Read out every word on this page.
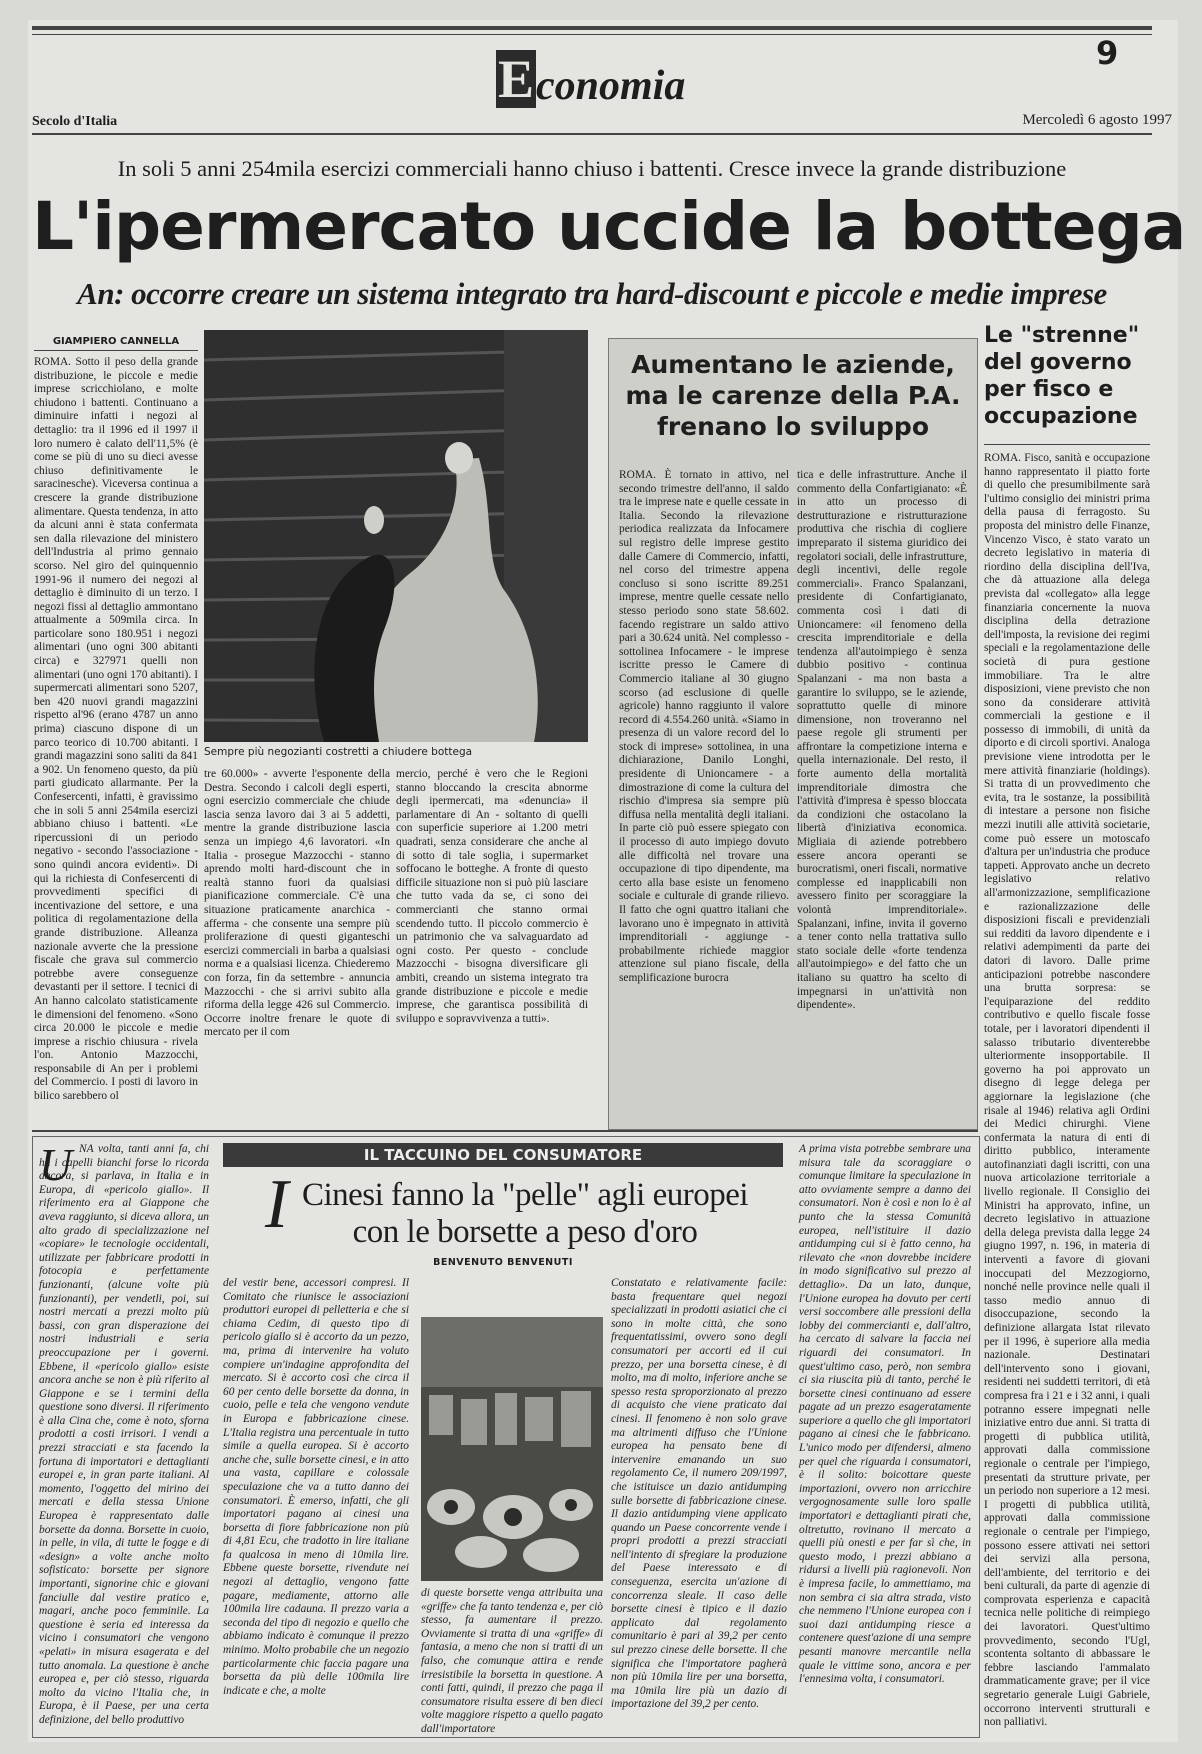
9
E conomia
Secolo d'Italia	Mercoledì 6 agosto 1997
In soli 5 anni 254mila esercizi commerciali hanno chiuso i battenti. Cresce invece la grande distribuzione
L'ipermercato uccide la bottega
An: occorre creare un sistema integrato tra hard-discount e piccole e medie imprese
GIAMPIERO CANNELLA
Sempre più negozianti costretti a chiudere bottega
ROMA. Sotto il peso della grande distribuzione, le piccole e medie imprese scricchiolano, e molte chiudono i battenti. Continuano a diminuire infatti i negozi al dettaglio: tra il 1996 ed il 1997 il loro numero è calato dell'11,5% (è come se più di uno su dieci avesse chiuso definitivamente le saracinesche). Viceversa continua a crescere la grande distribuzione alimentare. Questa tendenza, in atto da alcuni anni è stata confermata sen dalla rilevazione del ministero dell'Industria al primo gennaio scorso. Nel giro del quinquennio 1991-96 il numero dei negozi al dettaglio è diminuito di un terzo. I negozi fissi al dettaglio ammontano attualmente a 509mila circa. In particolare sono 180.951 i negozi alimentari (uno ogni 300 abitanti circa) e 327971 quelli non alimentari (uno ogni 170 abitanti). I supermercati alimentari sono 5207, ben 420 nuovi grandi magazzini rispetto al'96 (erano 4787 un anno prima) ciascuno dispone di un parco teorico di 10.700 abitanti. I grandi magazzini sono saliti da 841 a 902. Un fenomeno questo, da più parti giudicato allarmante. Per la Confesercenti, infatti, è gravissimo che in soli 5 anni 254mila esercizi abbiano chiuso i battenti. «Le ripercussioni di un periodo negativo - secondo l'associazione - sono quindi ancora evidenti». Di qui la richiesta di Confesercenti di provvedimenti specifici di incentivazione del settore, e una politica di regolamentazione della grande distribuzione. Alleanza nazionale avverte che la pressione fiscale che grava sul commercio potrebbe avere conseguenze devastanti per il settore. I tecnici di An hanno calcolato statisticamente le dimensioni del fenomeno. «Sono circa 20.000 le piccole e medie imprese a rischio chiusura - rivela l'on. Antonio Mazzocchi, responsabile di An per i problemi del Commercio. I posti di lavoro in bilico sarebbero ol
tre 60.000» - avverte l'esponente della Destra. Secondo i calcoli degli esperti, ogni esercizio commerciale che chiude lascia senza lavoro dai 3 ai 5 addetti, mentre la grande distribuzione lascia senza un impiego 4,6 lavoratori. «In Italia - prosegue Mazzocchi - stanno aprendo molti hard-discount che in realtà stanno fuori da qualsiasi pianificazione commerciale. C'è una situazione praticamente anarchica - afferma - che consente una sempre più proliferazione di questi giganteschi esercizi commerciali in barba a qualsiasi norma e a qualsiasi licenza. Chiederemo con forza, fin da settembre - annuncia Mazzocchi - che si arrivi subito alla riforma della legge 426 sul Commercio. Occorre inoltre frenare le quote di mercato per il com
mercio, perché è vero che le Regioni stanno bloccando la crescita abnorme degli ipermercati, ma «denuncia» il parlamentare di An - soltanto di quelli con superficie superiore ai 1.200 metri quadrati, senza considerare che anche al di sotto di tale soglia, i supermarket soffocano le botteghe. A fronte di questo difficile situazione non si può più lasciare che tutto vada da se, ci sono dei commercianti che stanno ormai scendendo tutto. Il piccolo commercio è un patrimonio che va salvaguardato ad ogni costo. Per questo - conclude Mazzocchi - bisogna diversificare gli ambiti, creando un sistema integrato tra grande distribuzione e piccole e medie imprese, che garantisca possibilità di sviluppo e sopravvivenza a tutti».
Aumentano le aziende, ma le carenze della P.A. frenano lo sviluppo
ROMA. È tornato in attivo, nel secondo trimestre dell'anno, il saldo tra le imprese nate e quelle cessate in Italia. Secondo la rilevazione periodica realizzata da Infocamere sul registro delle imprese gestito dalle Camere di Commercio, infatti, nel corso del trimestre appena concluso si sono iscritte 89.251 imprese, mentre quelle cessate nello stesso periodo sono state 58.602. facendo registrare un saldo attivo pari a 30.624 unità. Nel complesso - sottolinea Infocamere - le imprese iscritte presso le Camere di Commercio italiane al 30 giugno scorso (ad esclusione di quelle agricole) hanno raggiunto il valore record di 4.554.260 unità. «Siamo in presenza di un valore record del lo stock di imprese» sottolinea, in una dichiarazione, Danilo Longhi, presidente di Unioncamere - a dimostrazione di come la cultura del rischio d'impresa sia sempre più diffusa nella mentalità degli italiani. In parte ciò può essere spiegato con il processo di auto impiego dovuto alle difficoltà nel trovare una occupazione di tipo dipendente, ma certo alla base esiste un fenomeno sociale e culturale di grande rilievo. Il fatto che ogni quattro italiani che lavorano uno è impegnato in attività imprenditoriali - aggiunge - probabilmente richiede maggior attenzione sul piano fiscale, della semplificazione burocra
tica e delle infrastrutture. Anche il commento della Confartigianato: «È in atto un processo di destrutturazione e ristrutturazione produttiva che rischia di cogliere impreparato il sistema giuridico dei regolatori sociali, delle infrastrutture, degli incentivi, delle regole commerciali». Franco Spalanzani, presidente di Confartigianato, commenta così i dati di Unioncamere: «il fenomeno della crescita imprenditoriale e della tendenza all'autoimpiego è senza dubbio positivo - continua Spalanzani - ma non basta a garantire lo sviluppo, se le aziende, soprattutto quelle di minore dimensione, non troveranno nel paese regole gli strumenti per affrontare la competizione interna e quella internazionale. Del resto, il forte aumento della mortalità imprenditoriale dimostra che l'attività d'impresa è spesso bloccata da condizioni che ostacolano la libertà d'iniziativa economica. Migliaia di aziende potrebbero essere ancora operanti se burocratismi, oneri fiscali, normative complesse ed inapplicabili non avessero finito per scoraggiare la volontà imprenditoriale». Spalanzani, infine, invita il governo a tener conto nella trattativa sullo stato sociale delle «forte tendenza all'autoimpiego» e del fatto che un italiano su quattro ha scelto di impegnarsi in un'attività non dipendente».
Le "strenne" del governo per fisco e occupazione
ROMA. Fisco, sanità e occupazione hanno rappresentato il piatto forte di quello che presumibilmente sarà l'ultimo consiglio dei ministri prima della pausa di ferragosto. Su proposta del ministro delle Finanze, Vincenzo Visco, è stato varato un decreto legislativo in materia di riordino della disciplina dell'Iva, che dà attuazione alla delega prevista dal «collegato» alla legge finanziaria concernente la nuova disciplina della detrazione dell'imposta, la revisione dei regimi speciali e la regolamentazione delle società di pura gestione immobiliare. Tra le altre disposizioni, viene previsto che non sono da considerare attività commerciali la gestione e il possesso di immobili, di unità da diporto e di circoli sportivi. Analoga previsione viene introdotta per le mere attività finanziarie (holdings). Si tratta di un provvedimento che evita, tra le sostanze, la possibilità di intestare a persone non fisiche mezzi inutili alle attività societarie, come può essere un motoscafo d'altura per un'industria che produce tappeti. Approvato anche un decreto legislativo relativo all'armonizzazione, semplificazione e razionalizzazione delle disposizioni fiscali e previdenziali sui redditi da lavoro dipendente e i relativi adempimenti da parte dei datori di lavoro. Dalle prime anticipazioni potrebbe nascondere una brutta sorpresa: se l'equiparazione del reddito contributivo e quello fiscale fosse totale, per i lavoratori dipendenti il salasso tributario diventerebbe ulteriormente insopportabile. Il governo ha poi approvato un disegno di legge delega per aggiornare la legislazione (che risale al 1946) relativa agli Ordini dei Medici chirurghi. Viene confermata la natura di enti di diritto pubblico, interamente autofinanziati dagli iscritti, con una nuova articolazione territoriale a livello regionale. Il Consiglio dei Ministri ha approvato, infine, un decreto legislativo in attuazione della delega prevista dalla legge 24 giugno 1997, n. 196, in materia di interventi a favore di giovani inoccupati del Mezzogiorno, nonché nelle province nelle quali il tasso medio annuo di disoccupazione, secondo la definizione allargata Istat rilevato per il 1996, è superiore alla media nazionale. Destinatari dell'intervento sono i giovani, residenti nei suddetti territori, di età compresa fra i 21 e i 32 anni, i quali potranno essere impegnati nelle iniziative entro due anni. Si tratta di progetti di pubblica utilità, approvati dalla commissione regionale o centrale per l'impiego, presentati da strutture private, per un periodo non superiore a 12 mesi. I progetti di pubblica utilità, approvati dalla commissione regionale o centrale per l'impiego, possono essere attivati nei settori dei servizi alla persona, dell'ambiente, del territorio e dei beni culturali, da parte di agenzie di comprovata esperienza e capacità tecnica nelle politiche di reimpiego dei lavoratori. Quest'ultimo provvedimento, secondo l'Ugl, scontenta soltanto di abbassare le febbre lasciando l'ammalato drammaticamente grave; per il vice segretario generale Luigi Gabriele, occorrono interventi strutturali e non palliativi.
U NA volta, tanti anni fa, chi ha i capelli bianchi forse lo ricorda ancora, si parlava, in Italia e in Europa, di «pericolo giallo». Il riferimento era al Giappone che aveva raggiunto, si diceva allora, un alto grado di specializzazione nel «copiare» le tecnologie occidentali, utilizzate per fabbricare prodotti in fotocopia e perfettamente funzionanti, (alcune volte più funzionanti), per vendetli, poi, sui nostri mercati a prezzi molto più bassi, con gran disperazione dei nostri industriali e seria preoccupazione per i governi. Ebbene, il «pericolo giallo» esiste ancora anche se non è più riferito al Giappone e se i termini della questione sono diversi. Il riferimento è alla Cina che, come è noto, sforna prodotti a costi irrisori. I vendi a prezzi stracciati e sta facendo la fortuna di importatori e dettaglianti europei e, in gran parte italiani. Al momento, l'oggetto del mirino dei mercati e della stessa Unione Europea è rappresentato dalle borsette da donna. Borsette in cuoio, in pelle, in vila, di tutte le fogge e di «design» a volte anche molto sofisticato: borsette per signore importanti, signorine chic e giovani fanciulle dal vestire pratico e, magari, anche poco femminile. La questione è seria ed interessa da vicino i consumatori che vengono «pelati» in misura esagerata e del tutto anomala. La questione è anche europea e, per ciò stesso, riguarda molto da vicino l'Italia che, in Europa, è il Paese, per una certa definizione, del bello produttivo
IL TACCUINO DEL CONSUMATORE
I Cinesi fanno la "pelle" agli europei con le borsette a peso d'oro
BENVENUTO BENVENUTI
del vestir bene, accessori compresi. Il Comitato che riunisce le associazioni produttori europei di pelletteria e che si chiama Cedim, di questo tipo di pericolo giallo si è accorto da un pezzo, ma, prima di intervenire ha voluto compiere un'indagine approfondita del mercato. Si è accorto così che circa il 60 per cento delle borsette da donna, in cuoio, pelle e tela che vengono vendute in Europa e fabbricazione cinese. L'Italia registra una percentuale in tutto simile a quella europea. Si è accorto anche che, sulle borsette cinesi, e in atto una vasta, capillare e colossale speculazione che va a tutto danno dei consumatori. È emerso, infatti, che gli importatori pagano ai cinesi una borsetta di fiore fabbricazione non più di 4,81 Ecu, che tradotto in lire italiane fa qualcosa in meno di 10mila lire. Ebbene queste borsette, rivendute nei negozi al dettaglio, vengono fatte pagare, mediamente, attorno alle 100mila lire cadauna. Il prezzo varia a seconda del tipo di negozio e quello che abbiamo indicato è comunque il prezzo minimo. Molto probabile che un negozio particolarmente chic faccia pagare una borsetta da più delle 100mila lire indicate e che, a molte
di queste borsette venga attribuita una «griffe» che fa tanto tendenza e, per ciò stesso, fa aumentare il prezzo. Ovviamente si tratta di una «griffe» di fantasia, a meno che non si tratti di un falso, che comunque attira e rende irresistibile la borsetta in questione. A conti fatti, quindi, il prezzo che paga il consumatore risulta essere di ben dieci volte maggiore rispetto a quello pagato dall'importatore
Constatato e relativamente facile: basta frequentare quei negozi specializzati in prodotti asiatici che ci sono in molte città, che sono frequentatissimi, ovvero sono degli consumatori per accorti ed il cui prezzo, per una borsetta cinese, è di molto, ma di molto, inferiore anche se spesso resta sproporzionato al prezzo di acquisto che viene praticato dai cinesi. Il fenomeno è non solo grave ma altrimenti diffuso che l'Unione europea ha pensato bene di intervenire emanando un suo regolamento Ce, il numero 209/1997, che istituisce un dazio antidumping sulle borsette di fabbricazione cinese. Il dazio antidumping viene applicato quando un Paese concorrente vende i propri prodotti a prezzi stracciati nell'intento di sfregiare la produzione del Paese interessato e di conseguenza, esercita un'azione di concorrenza sleale. Il caso delle borsette cinesi è tipico e il dazio applicato dal regolamento comunitario è pari al 39,2 per cento sul prezzo cinese delle borsette. Il che significa che l'importatore pagherà non più 10mila lire per una borsetta, ma 10mila lire più un dazio di importazione del 39,2 per cento.
A prima vista potrebbe sembrare una misura tale da scoraggiare o comunque limitare la speculazione in atto ovviamente sempre a danno dei consumatori. Non è così e non lo è al punto che la stessa Comunità europea, nell'istituire il dazio antidumping cui si è fatto cenno, ha rilevato che «non dovrebbe incidere in modo significativo sul prezzo al dettaglio». Da un lato, dunque, l'Unione europea ha dovuto per certi versi soccombere alle pressioni della lobby dei commercianti e, dall'altro, ha cercato di salvare la faccia nei riguardi dei consumatori. In quest'ultimo caso, però, non sembra ci sia riuscita più di tanto, perché le borsette cinesi continuano ad essere pagate ad un prezzo esageratamente superiore a quello che gli importatori pagano ai cinesi che le fabbricano. L'unico modo per difendersi, almeno per quel che riguarda i consumatori, è il solito: boicottare queste importazioni, ovvero non arricchire vergognosamente sulle loro spalle importatori e dettaglianti pirati che, oltretutto, rovinano il mercato a quelli più onesti e per far sì che, in questo modo, i prezzi abbiano a ridursi a livelli più ragionevoli. Non è impresa facile, lo ammettiamo, ma non sembra ci sia altra strada, visto che nemmeno l'Unione europea con i suoi dazi antidumping riesce a contenere quest'azione di una sempre pesanti manovre mercantile nella quale le vittime sono, ancora e per l'ennesima volta, i consumatori.
